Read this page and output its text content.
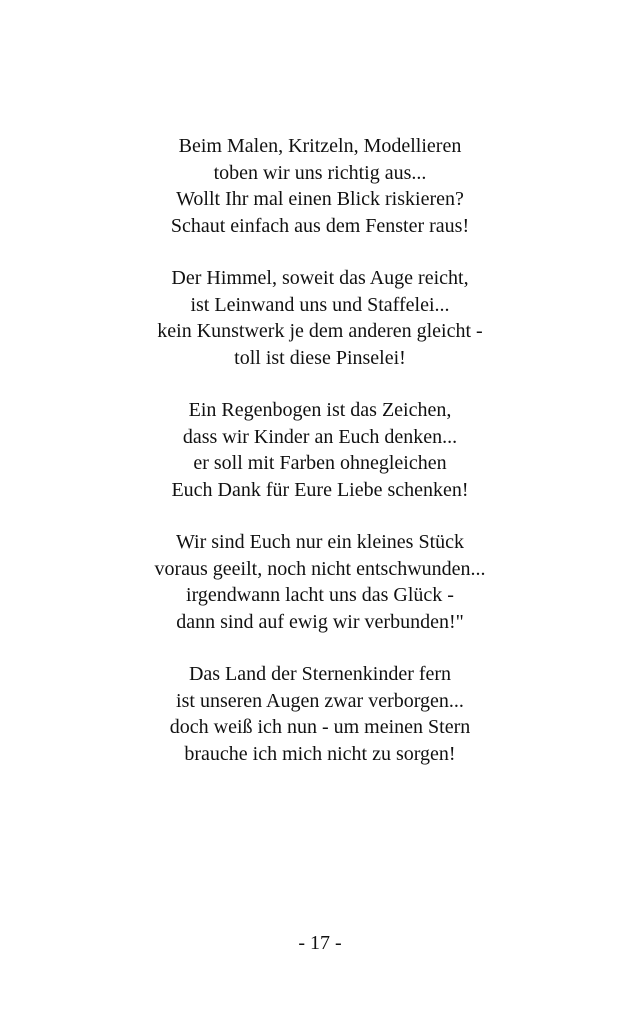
Beim Malen, Kritzeln, Modellieren
toben wir uns richtig aus...
Wollt Ihr mal einen Blick riskieren?
Schaut einfach aus dem Fenster raus!
Der Himmel, soweit das Auge reicht,
ist Leinwand uns und Staffelei...
kein Kunstwerk je dem anderen gleicht -
toll ist diese Pinselei!
Ein Regenbogen ist das Zeichen,
dass wir Kinder an Euch denken...
er soll mit Farben ohnegleichen
Euch Dank für Eure Liebe schenken!
Wir sind Euch nur ein kleines Stück
voraus geeilt, noch nicht entschwunden...
irgendwann lacht uns das Glück -
dann sind auf ewig wir verbunden!"
Das Land der Sternenkinder fern
ist unseren Augen zwar verborgen...
doch weiß ich nun - um meinen Stern
brauche ich mich nicht zu sorgen!
- 17 -
